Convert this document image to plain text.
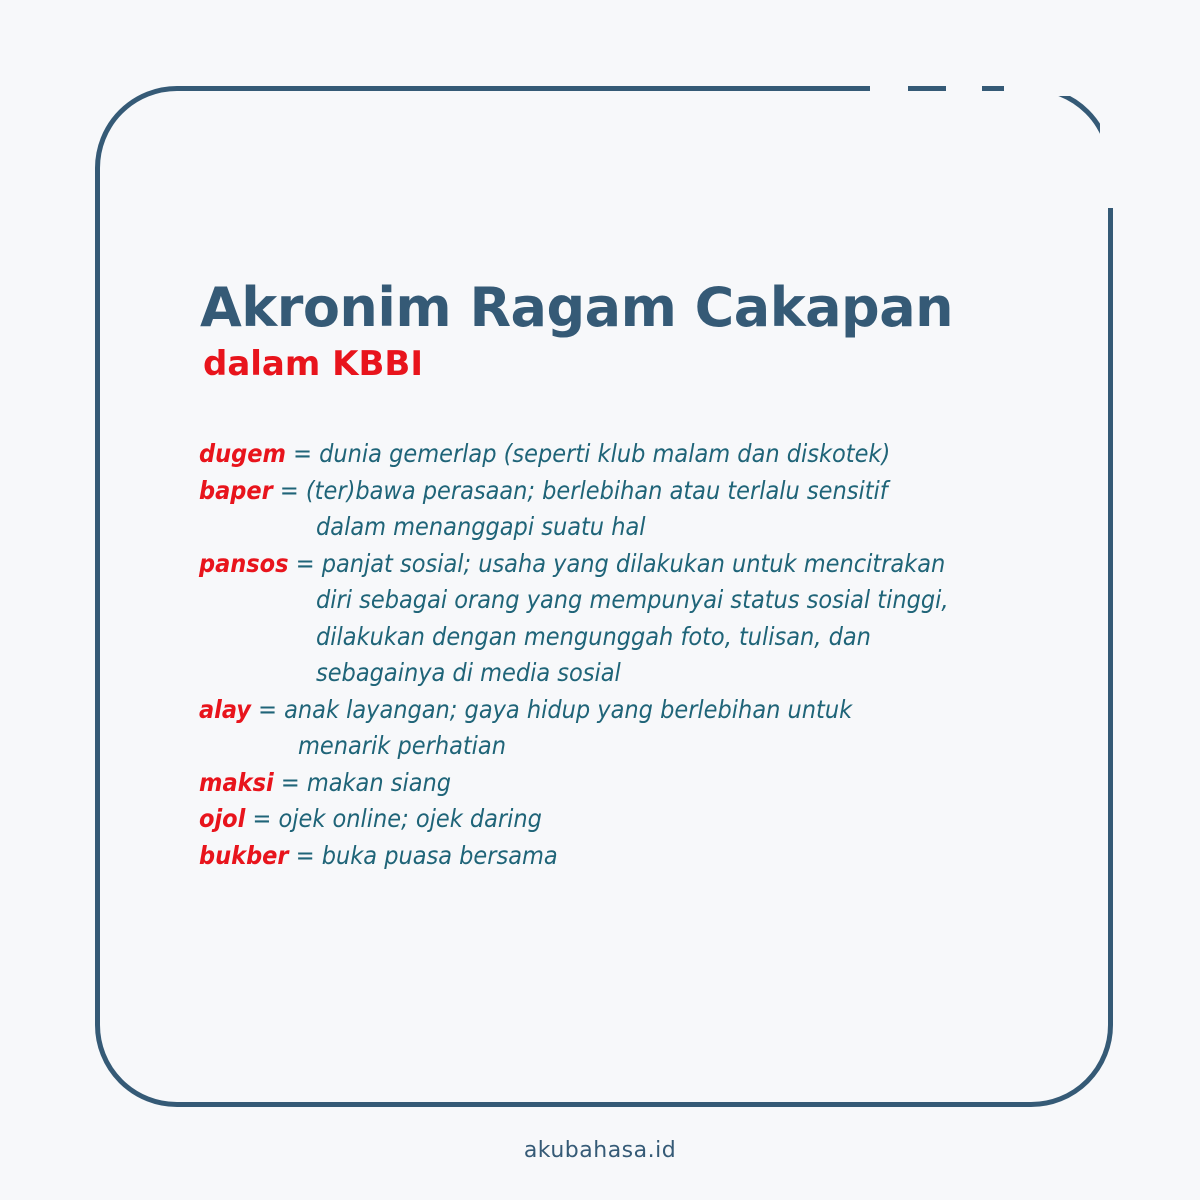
Akronim Ragam Cakapan
dalam KBBI
dugem = dunia gemerlap (seperti klub malam dan diskotek)
baper = (ter)bawa perasaan; berlebihan atau terlalu sensitif
dalam menanggapi suatu hal
pansos = panjat sosial; usaha yang dilakukan untuk mencitrakan
diri sebagai orang yang mempunyai status sosial tinggi,
dilakukan dengan mengunggah foto, tulisan, dan
sebagainya di media sosial
alay = anak layangan; gaya hidup yang berlebihan untuk
menarik perhatian
maksi = makan siang
ojol = ojek online; ojek daring
bukber = buka puasa bersama
akubahasa.id
